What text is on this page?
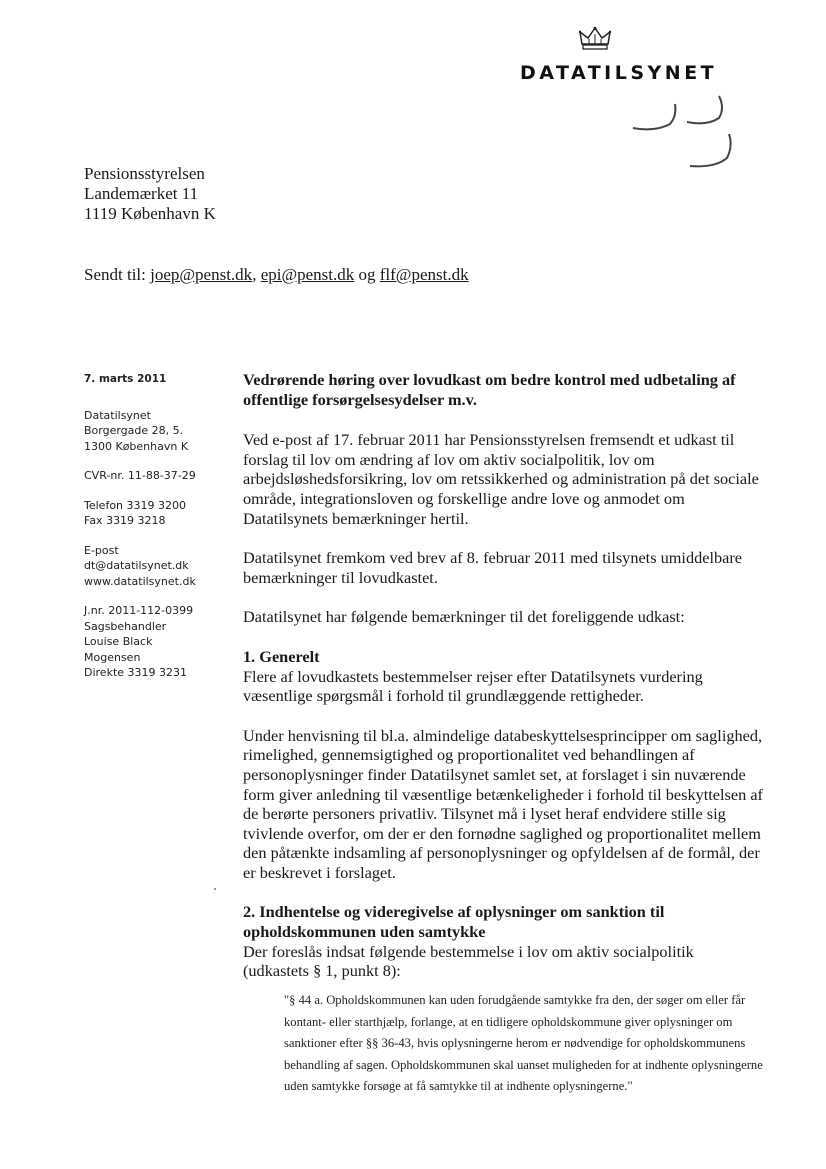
DATATILSYNET
Pensionsstyrelsen
Landemærket 11
1119 København K
Sendt til: joep@penst.dk, epi@penst.dk og flf@penst.dk
7. marts 2011
Datatilsynet
Borgergade 28, 5.
1300 København K
CVR-nr. 11-88-37-29
Telefon 3319 3200
Fax 3319 3218
E-post
dt@datatilsynet.dk
www.datatilsynet.dk
J.nr. 2011-112-0399
Sagsbehandler
Louise Black
Mogensen
Direkte 3319 3231

Vedrørende høring over lovudkast om bedre kontrol med udbetaling af offentlige forsørgelsesydelser m.v.

Ved e-post af 17. februar 2011 har Pensionsstyrelsen fremsendt et udkast til forslag til lov om ændring af lov om aktiv socialpolitik, lov om arbejdsløshedsforsikring, lov om retssikkerhed og administration på det sociale område, integrationsloven og forskellige andre love og anmodet om Datatilsynets bemærkninger hertil.

Datatilsynet fremkom ved brev af 8. februar 2011 med tilsynets umiddelbare bemærkninger til lovudkastet.

Datatilsynet har følgende bemærkninger til det foreliggende udkast:

1. Generelt

Flere af lovudkastets bestemmelser rejser efter Datatilsynets vurdering væsentlige spørgsmål i forhold til grundlæggende rettigheder.

Under henvisning til bl.a. almindelige databeskyttelsesprincipper om saglighed, rimelighed, gennemsigtighed og proportionalitet ved behandlingen af personoplysninger finder Datatilsynet samlet set, at forslaget i sin nuværende form giver anledning til væsentlige betænkeligheder i forhold til beskyttelsen af de berørte personers privatliv. Tilsynet må i lyset heraf endvidere stille sig tvivlende overfor, om der er den fornødne saglighed og proportionalitet mellem den påtænkte indsamling af personoplysninger og opfyldelsen af de formål, der er beskrevet i forslaget.

2. Indhentelse og videregivelse af oplysninger om sanktion til opholdskommunen uden samtykke

Der foreslås indsat følgende bestemmelse i lov om aktiv socialpolitik (udkastets § 1, punkt 8):

"§ 44 a. Opholdskommunen kan uden forudgående samtykke fra den, der søger om eller får kontant- eller starthjælp, forlange, at en tidligere opholdskommune giver oplysninger om sanktioner efter §§ 36-43, hvis oplysningerne herom er nødvendige for opholdskommunens behandling af sagen. Opholdskommunen skal uanset muligheden for at indhente oplysningerne uden samtykke forsøge at få samtykke til at indhente oplysningerne."
